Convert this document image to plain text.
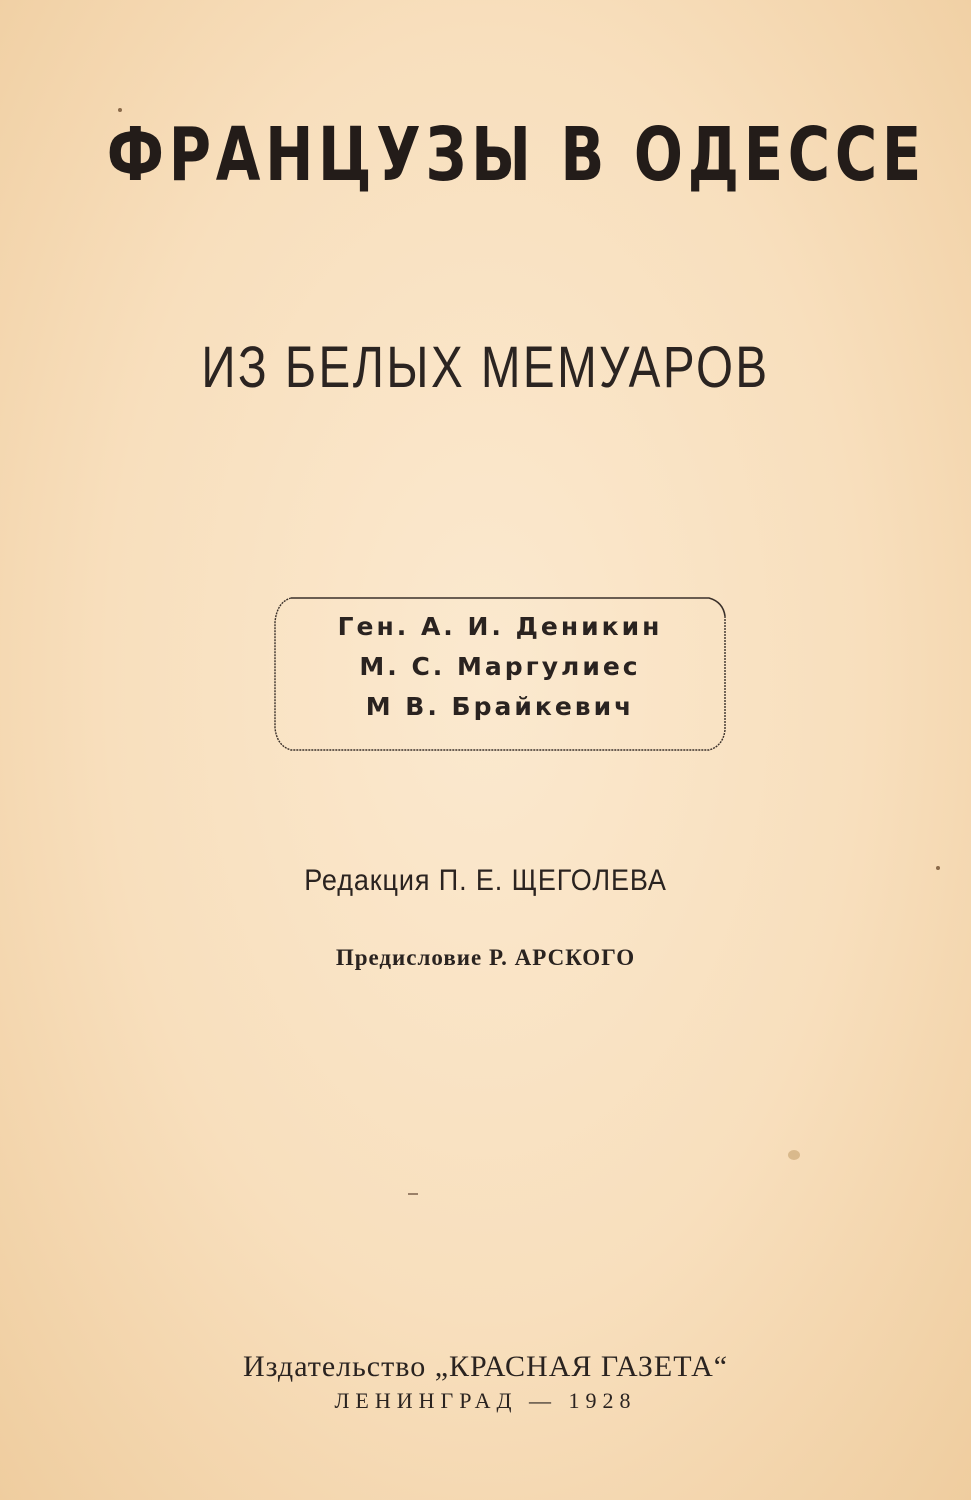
ФРАНЦУЗЫ В ОДЕССЕ
ИЗ БЕЛЫХ МЕМУАРОВ
Ген. А. И. Деникин
М. С. Маргулиес
М В. Брайкевич
Редакция П. Е. ЩЕГОЛЕВА
Предисловие Р. АРСКОГО
Издательство „КРАСНАЯ ГАЗЕТА“
ЛЕНИНГРАД — 1928
